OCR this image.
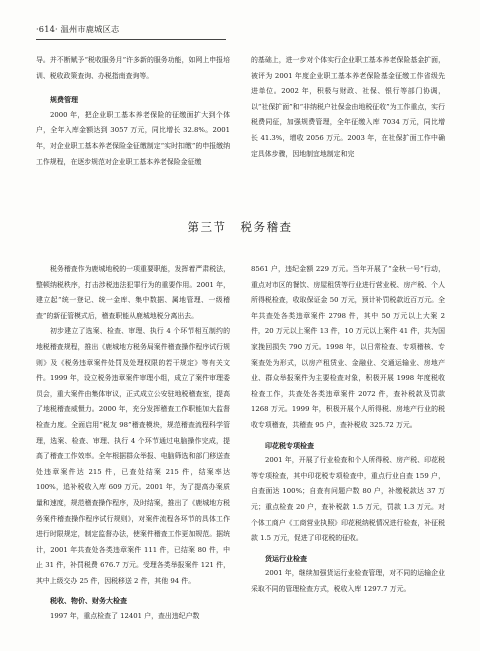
·614· 温州市鹿城区志

导。并不断赋予“税收服务月”许多新的服务功能，如网上申报培训、税收政策查询、办税指南查询等。

规费管理

2000 年，把企业职工基本养老保险的征缴面扩大到个体户，全年入库金额达到 3057 万元，同比增长 32.8%。2001 年，对企业职工基本养老保险金征缴制定“实时扣缴”的申报缴纳工作规程，在逐步规范对企业职工基本养老保险金征缴

的基础上，进一步对个体实行企业职工基本养老保险基金扩面，被评为 2001 年度企业职工基本养老保险基金征缴工作省级先进单位。2002 年，积极与财政、社保、银行等部门协调，以“社保扩面”和“非纳税户社保金由地税征收”为工作重点，实行税费同征，加强规费管理，全年征缴入库 7034 万元，同比增长 41.3%，增收 2056 万元。2003 年，在社保扩面工作中确定具体步骤，因地制宜地制定和完

第三节 税务稽查

税务稽查作为鹿城地税的一项重要职能，发挥着严肃税法，整顿纳税秩序，打击涉税违法犯罪行为的重要作用。2001 年，建立起“统一登记、统一金库、集中数据、属地管理、一级稽查”的新征管模式后，稽查职能从鹿城地税分离出去。

初步建立了选案、检查、审理、执行 4 个环节相互制约的地税稽查规程，推出《鹿城地方税务局案件稽查操作程序试行规则》及《税务违章案件处罚及处理权限的若干规定》等有关文件。1999 年，设立税务违章案件审理小组，成立了案件审理委员会，重大案件由集体审议，正式成立公安驻地税稽查室，提高了地税稽查威慑力。2000 年，充分发挥稽查工作职能加大监督检查力度。全面启用“税友 98”稽查模块，规范稽查流程科学管理，选案、检查、审理、执行 4 个环节通过电脑操作完成，提高了稽查工作效率。全年根据群众举报、电脑筛选和部门移送查处违章案件达 215 件，已查处结案 215 件，结案率达 100%，追补税收入库 609 万元。2001 年，为了提高办案质量和速度，规范稽查操作程序，及时结案，推出了《鹿城地方税务案件稽查操作程序试行规则》，对案件流程各环节的具体工作进行时限规定，制定监督办法，使案件稽查工作更加规范。据统计，2001 年共查处各类违章案件 111 件，已结案 80 件，中止 31 件，补罚税费 676.7 万元。受理各类举报案件 121 件，其中上级交办 25 件，因税移送 2 件，其他 94 件。

税收、物价、财务大检查

1997 年，重点检查了 12401 户，查出违纪户数

8561 户，违纪金额 229 万元。当年开展了“金秋一号”行动，重点对市区的餐饮、房屋租赁等行业进行营业税、房产税、个人所得税检查，收取保证金 50 万元，预计补罚税款近百万元。全年共查处各类违章案件 2798 件，其中 50 万元以上大案 2 件，20 万元以上案件 13 件，10 万元以上案件 41 件，共为国家挽回损失 790 万元。1998 年，以日常检查、专项稽核、专案查处为形式，以房产租赁业、金融业、交通运输业、房地产业、群众举报案件为主要检查对象，积极开展 1998 年度税收检查工作，共查处各类违章案件 2072 件，查补税款及罚款 1268 万元。1999 年，积极开展个人所得税、房地产行业的税收专项稽查，共稽查 95 户，查补税收 325.72 万元。

印花税专项检查

2001 年，开展了行业检查和个人所得税、房产税、印花税等专项检查，其中印花税专项检查中，重点行业自查 159 户，自查面达 100%；自查有问题户数 80 户，补缴税款达 37 万元；重点检查 20 户，查补税款 1.5 万元，罚款 1.3 万元。对个体工商户《工商营业执照》印花税纳税情况进行检查，补征税款 1.5 万元，促进了印花税的征收。

货运行业检查

2001 年，继续加强货运行业检查管理，对不同的运输企业采取不同的管理检查方式，税收入库 1297.7 万元。
